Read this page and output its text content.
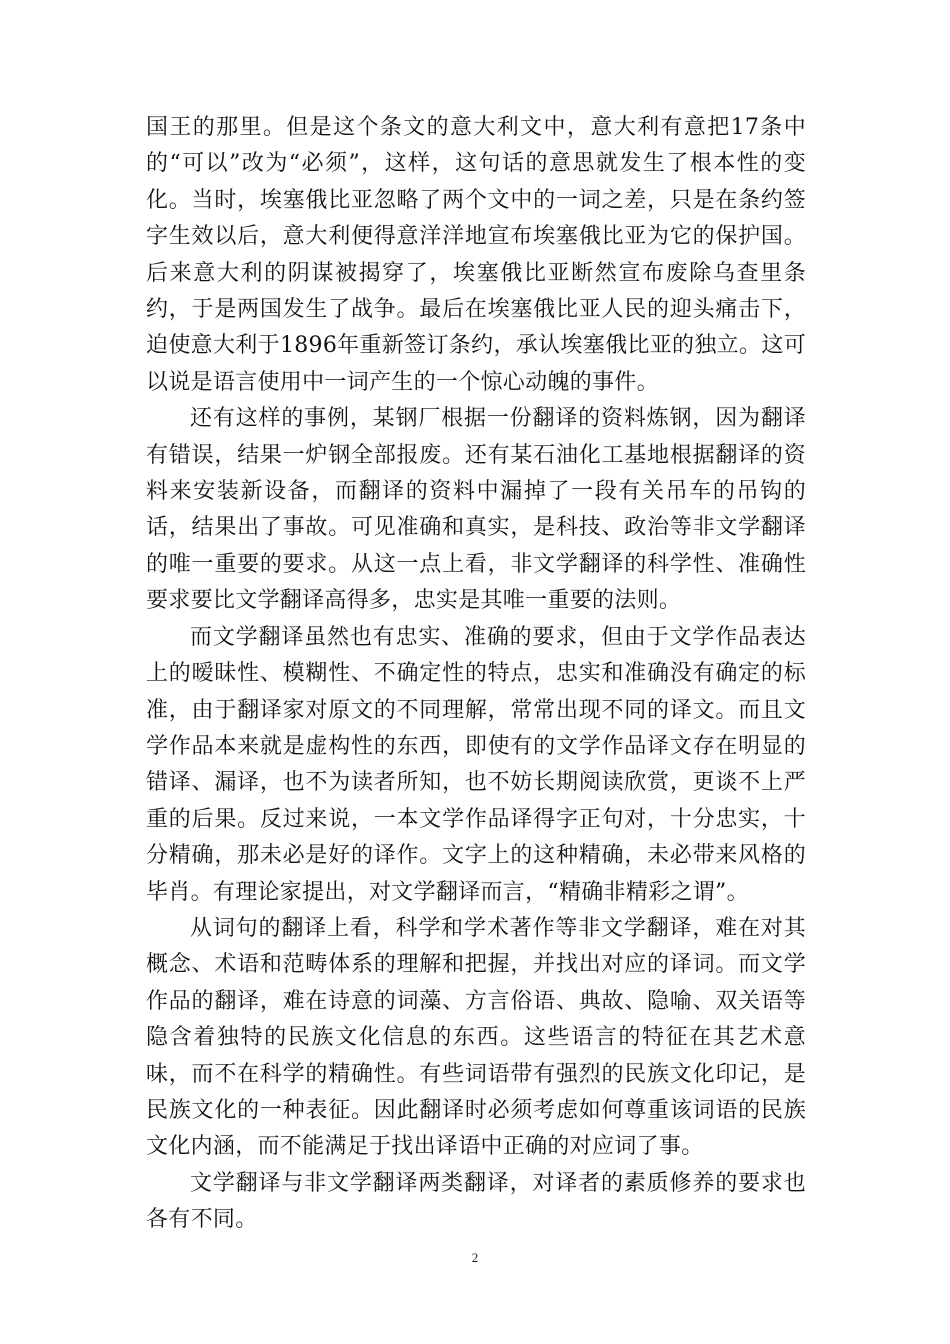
国王的那里。但是这个条文的意大利文中，意大利有意把17条中的“可以”改为“必须”，这样，这句话的意思就发生了根本性的变化。当时，埃塞俄比亚忽略了两个文中的一词之差，只是在条约签字生效以后，意大利便得意洋洋地宣布埃塞俄比亚为它的保护国。后来意大利的阴谋被揭穿了，埃塞俄比亚断然宣布废除乌查里条约，于是两国发生了战争。最后在埃塞俄比亚人民的迎头痛击下，迫使意大利于1896年重新签订条约，承认埃塞俄比亚的独立。这可以说是语言使用中一词产生的一个惊心动魄的事件。

还有这样的事例，某钢厂根据一份翻译的资料炼钢，因为翻译有错误，结果一炉钢全部报废。还有某石油化工基地根据翻译的资料来安装新设备，而翻译的资料中漏掉了一段有关吊车的吊钩的话，结果出了事故。可见准确和真实，是科技、政治等非文学翻译的唯一重要的要求。从这一点上看，非文学翻译的科学性、准确性要求要比文学翻译高得多，忠实是其唯一重要的法则。

而文学翻译虽然也有忠实、准确的要求，但由于文学作品表达上的暧昧性、模糊性、不确定性的特点，忠实和准确没有确定的标准，由于翻译家对原文的不同理解，常常出现不同的译文。而且文学作品本来就是虚构性的东西，即使有的文学作品译文存在明显的错译、漏译，也不为读者所知，也不妨长期阅读欣赏，更谈不上严重的后果。反过来说，一本文学作品译得字正句对，十分忠实，十分精确，那未必是好的译作。文字上的这种精确，未必带来风格的毕肖。有理论家提出，对文学翻译而言，“精确非精彩之谓”。

从词句的翻译上看，科学和学术著作等非文学翻译，难在对其概念、术语和范畴体系的理解和把握，并找出对应的译词。而文学作品的翻译，难在诗意的词藻、方言俗语、典故、隐喻、双关语等隐含着独特的民族文化信息的东西。这些语言的特征在其艺术意味，而不在科学的精确性。有些词语带有强烈的民族文化印记，是民族文化的一种表征。因此翻译时必须考虑如何尊重该词语的民族文化内涵，而不能满足于找出译语中正确的对应词了事。

文学翻译与非文学翻译两类翻译，对译者的素质修养的要求也各有不同。

2
